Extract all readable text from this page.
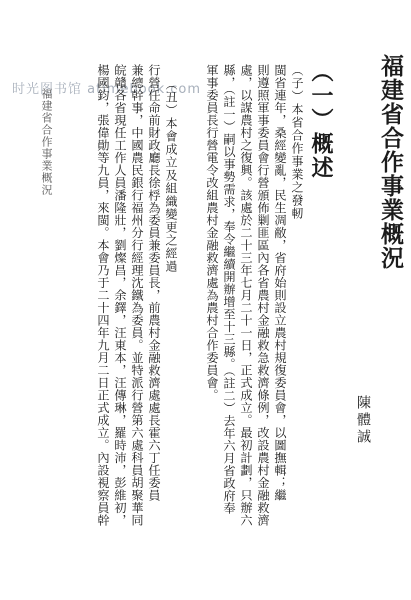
时光图书馆 atimebook.com	福建省合作事業概況
陳體誠
（一）概述
（子）本省合作事業之發軔
閩省連年，桑經變亂，民生凋敝，省府始則設立農村規復委員會，以圖撫輯；繼
則遵照軍事委員會行營頒佈剿匪區內各省農村金融救急救濟條例，改設農村金融救濟
處，以謀農村之復興。該處於二十三年七月二十一日，正式成立。最初計劃，只辦六
縣，（註一）嗣以事勢需求，奉令繼續開辦增至十三縣。（註二）去年六月省政府奉
軍事委員長行營電令改組農村金融救濟處為農村合作委員會。
（丑）本會成立及組織變更之經過
行營任命前財政廳長徐桴為委員兼委員長，前農村金融救濟處處長霍六丁任委員
兼總幹事，中國農民銀行福州分行經理沈鐵為委員。並特派行營第六處科員胡聚華同
皖贛各省現任工作人員潘隆壯，劉燦昌，余鐸，汪東本，汪傳琳，羅時沛，彭維初，
楊國鈞，張偉勛等九員，來閩。本會乃于二十四年九月二日正式成立。內設視察員幹
福建省合作事業概況
